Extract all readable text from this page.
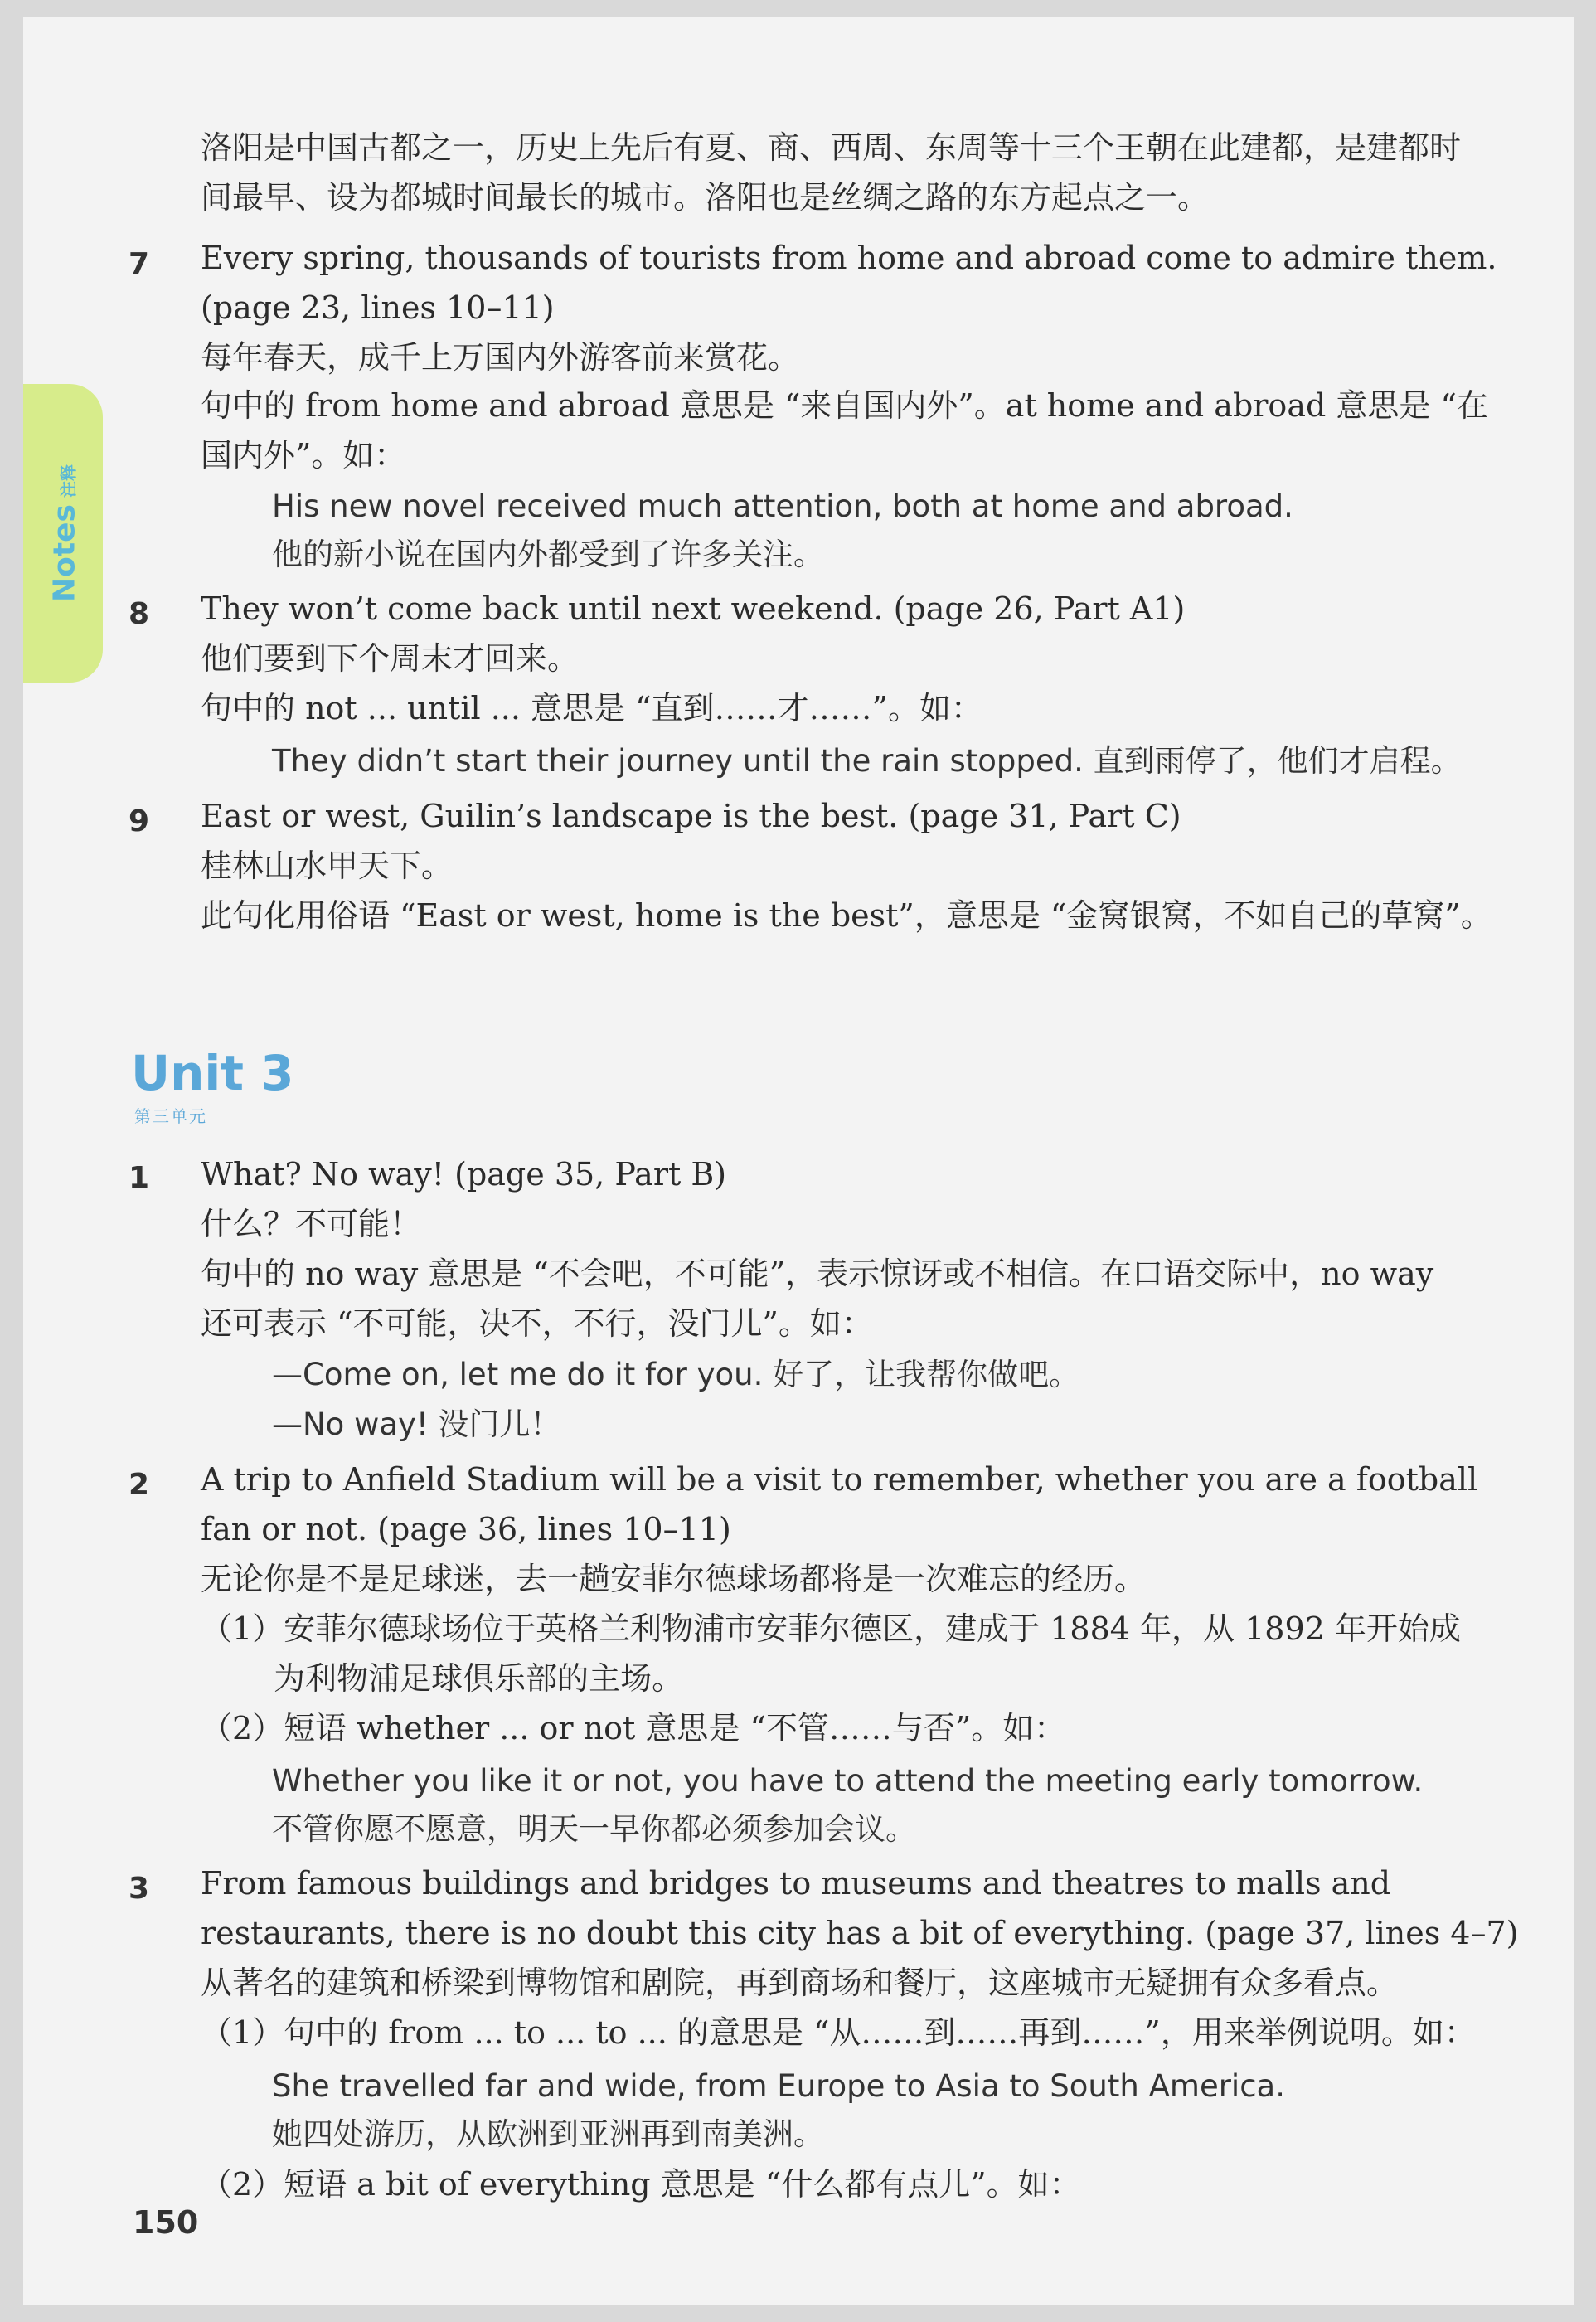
Notes注释
洛阳是中国古都之一，历史上先后有夏、商、西周、东周等十三个王朝在此建都，是建都时
间最早、设为都城时间最长的城市。洛阳也是丝绸之路的东方起点之一。
7 Every spring, thousands of tourists from home and abroad come to admire them.
(page 23, lines 10–11)
每年春天，成千上万国内外游客前来赏花。
句中的 from home and abroad 意思是 “来自国内外”。at home and abroad 意思是 “在
国内外”。如：
His new novel received much attention, both at home and abroad.
他的新小说在国内外都受到了许多关注。
8 They won’t come back until next weekend. (page 26, Part A1)
他们要到下个周末才回来。
句中的 not ... until ... 意思是 “直到……才……”。如：
They didn’t start their journey until the rain stopped. 直到雨停了，他们才启程。
9 East or west, Guilin’s landscape is the best. (page 31, Part C)
桂林山水甲天下。
此句化用俗语 “East or west, home is the best”，意思是 “金窝银窝，不如自己的草窝”。
Unit 3
第三单元
1 What? No way! (page 35, Part B)
什么？不可能！
句中的 no way 意思是 “不会吧，不可能”，表示惊讶或不相信。在口语交际中，no way
还可表示 “不可能，决不，不行，没门儿”。如：
—Come on, let me do it for you. 好了，让我帮你做吧。
—No way! 没门儿！
2 A trip to Anfield Stadium will be a visit to remember, whether you are a football
fan or not. (page 36, lines 10–11)
无论你是不是足球迷，去一趟安菲尔德球场都将是一次难忘的经历。
（1）安菲尔德球场位于英格兰利物浦市安菲尔德区，建成于 1884 年，从 1892 年开始成
　　 为利物浦足球俱乐部的主场。
（2）短语 whether ... or not 意思是 “不管……与否”。如：
Whether you like it or not, you have to attend the meeting early tomorrow.
不管你愿不愿意，明天一早你都必须参加会议。
3 From famous buildings and bridges to museums and theatres to malls and
restaurants, there is no doubt this city has a bit of everything. (page 37, lines 4–7)
从著名的建筑和桥梁到博物馆和剧院，再到商场和餐厅，这座城市无疑拥有众多看点。
（1）句中的 from ... to ... to ... 的意思是 “从……到……再到……”，用来举例说明。如：
She travelled far and wide, from Europe to Asia to South America.
她四处游历，从欧洲到亚洲再到南美洲。
（2）短语 a bit of everything 意思是 “什么都有点儿”。如：
150
